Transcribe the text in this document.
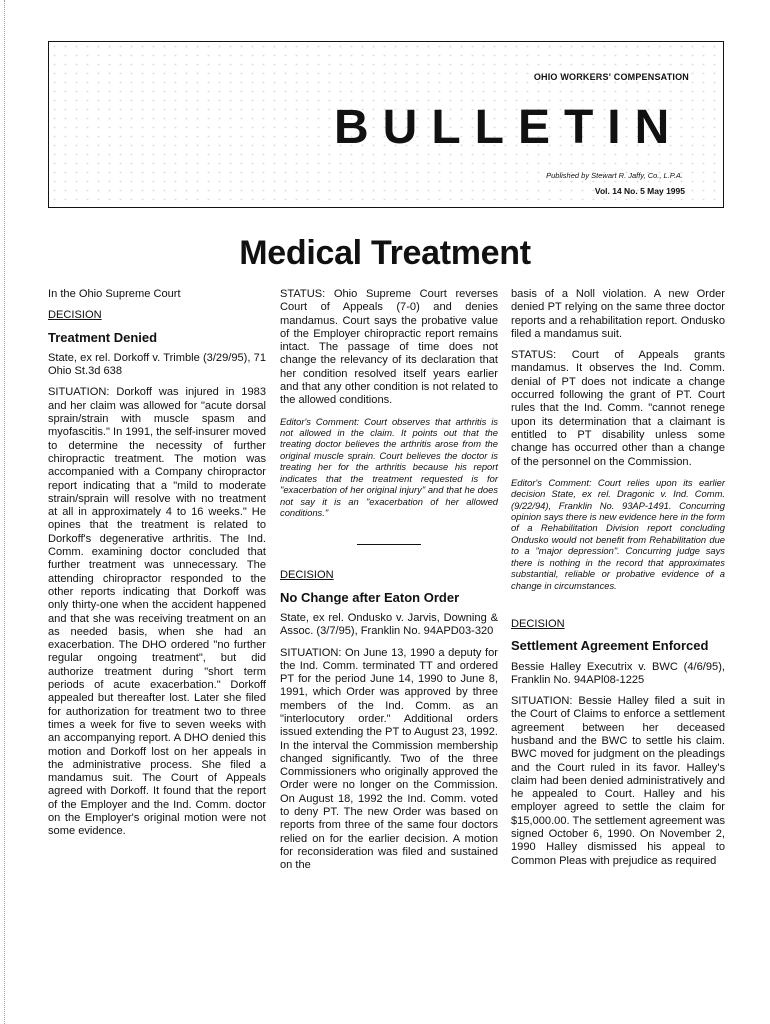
OHIO WORKERS' COMPENSATION
BULLETIN
Published by Stewart R. Jaffy, Co., L.P.A.
Vol. 14 No. 5 May 1995
Medical Treatment

In the Ohio Supreme Court

DECISION

Treatment Denied

State, ex rel. Dorkoff v. Trimble (3/29/95), 71 Ohio St.3d 638

SITUATION: Dorkoff was injured in 1983 and her claim was allowed for "acute dorsal sprain/strain with muscle spasm and myofascitis." In 1991, the self-insurer moved to determine the necessity of further chiropractic treatment. The motion was accompanied with a Company chiropractor report indicating that a "mild to moderate strain/sprain will resolve with no treatment at all in approximately 4 to 16 weeks." He opines that the treatment is related to Dorkoff's degenerative arthritis. The Ind. Comm. examining doctor concluded that further treatment was unnecessary. The attending chiropractor responded to the other reports indicating that Dorkoff was only thirty-one when the accident happened and that she was receiving treatment on an as needed basis, when she had an exacerbation. The DHO ordered "no further regular ongoing treatment", but did authorize treatment during "short term periods of acute exacerbation." Dorkoff appealed but thereafter lost. Later she filed for authorization for treatment two to three times a week for five to seven weeks with an accompanying report. A DHO denied this motion and Dorkoff lost on her appeals in the administrative process. She filed a mandamus suit. The Court of Appeals agreed with Dorkoff. It found that the report of the Employer and the Ind. Comm. doctor on the Employer's original motion were not some evidence.

STATUS: Ohio Supreme Court reverses Court of Appeals (7-0) and denies mandamus. Court says the probative value of the Employer chiropractic report remains intact. The passage of time does not change the relevancy of its declaration that her condition resolved itself years earlier and that any other condition is not related to the allowed conditions.

Editor's Comment: Court observes that arthritis is not allowed in the claim. It points out that the treating doctor believes the arthritis arose from the original muscle sprain. Court believes the doctor is treating her for the arthritis because his report indicates that the treatment requested is for "exacerbation of her original injury" and that he does not say it is an "exacerbation of her allowed conditions."

DECISION

No Change after Eaton Order

State, ex rel. Ondusko v. Jarvis, Downing & Assoc. (3/7/95), Franklin No. 94APD03-320

SITUATION: On June 13, 1990 a deputy for the Ind. Comm. terminated TT and ordered PT for the period June 14, 1990 to June 8, 1991, which Order was approved by three members of the Ind. Comm. as an "interlocutory order." Additional orders issued extending the PT to August 23, 1992. In the interval the Commission membership changed significantly. Two of the three Commissioners who originally approved the Order were no longer on the Commission. On August 18, 1992 the Ind. Comm. voted to deny PT. The new Order was based on reports from three of the same four doctors relied on for the earlier decision. A motion for reconsideration was filed and sustained on the

basis of a Noll violation. A new Order denied PT relying on the same three doctor reports and a rehabilitation report. Ondusko filed a mandamus suit.

STATUS: Court of Appeals grants mandamus. It observes the Ind. Comm. denial of PT does not indicate a change occurred following the grant of PT. Court rules that the Ind. Comm. "cannot renege upon its determination that a claimant is entitled to PT disability unless some change has occurred other than a change of the personnel on the Commission.

Editor's Comment: Court relies upon its earlier decision State, ex rel. Dragonic v. Ind. Comm. (9/22/94), Franklin No. 93AP-1491. Concurring opinion says there is new evidence here in the form of a Rehabilitation Division report concluding Ondusko would not benefit from Rehabilitation due to a "major depression". Concurring judge says there is nothing in the record that approximates substantial, reliable or probative evidence of a change in circumstances.

DECISION

Settlement Agreement Enforced

Bessie Halley Executrix v. BWC (4/6/95), Franklin No. 94APl08-1225

SITUATION: Bessie Halley filed a suit in the Court of Claims to enforce a settlement agreement between her deceased husband and the BWC to settle his claim. BWC moved for judgment on the pleadings and the Court ruled in its favor. Halley's claim had been denied administratively and he appealed to Court. Halley and his employer agreed to settle the claim for $15,000.00. The settlement agreement was signed October 6, 1990. On November 2, 1990 Halley dismissed his appeal to Common Pleas with prejudice as required
